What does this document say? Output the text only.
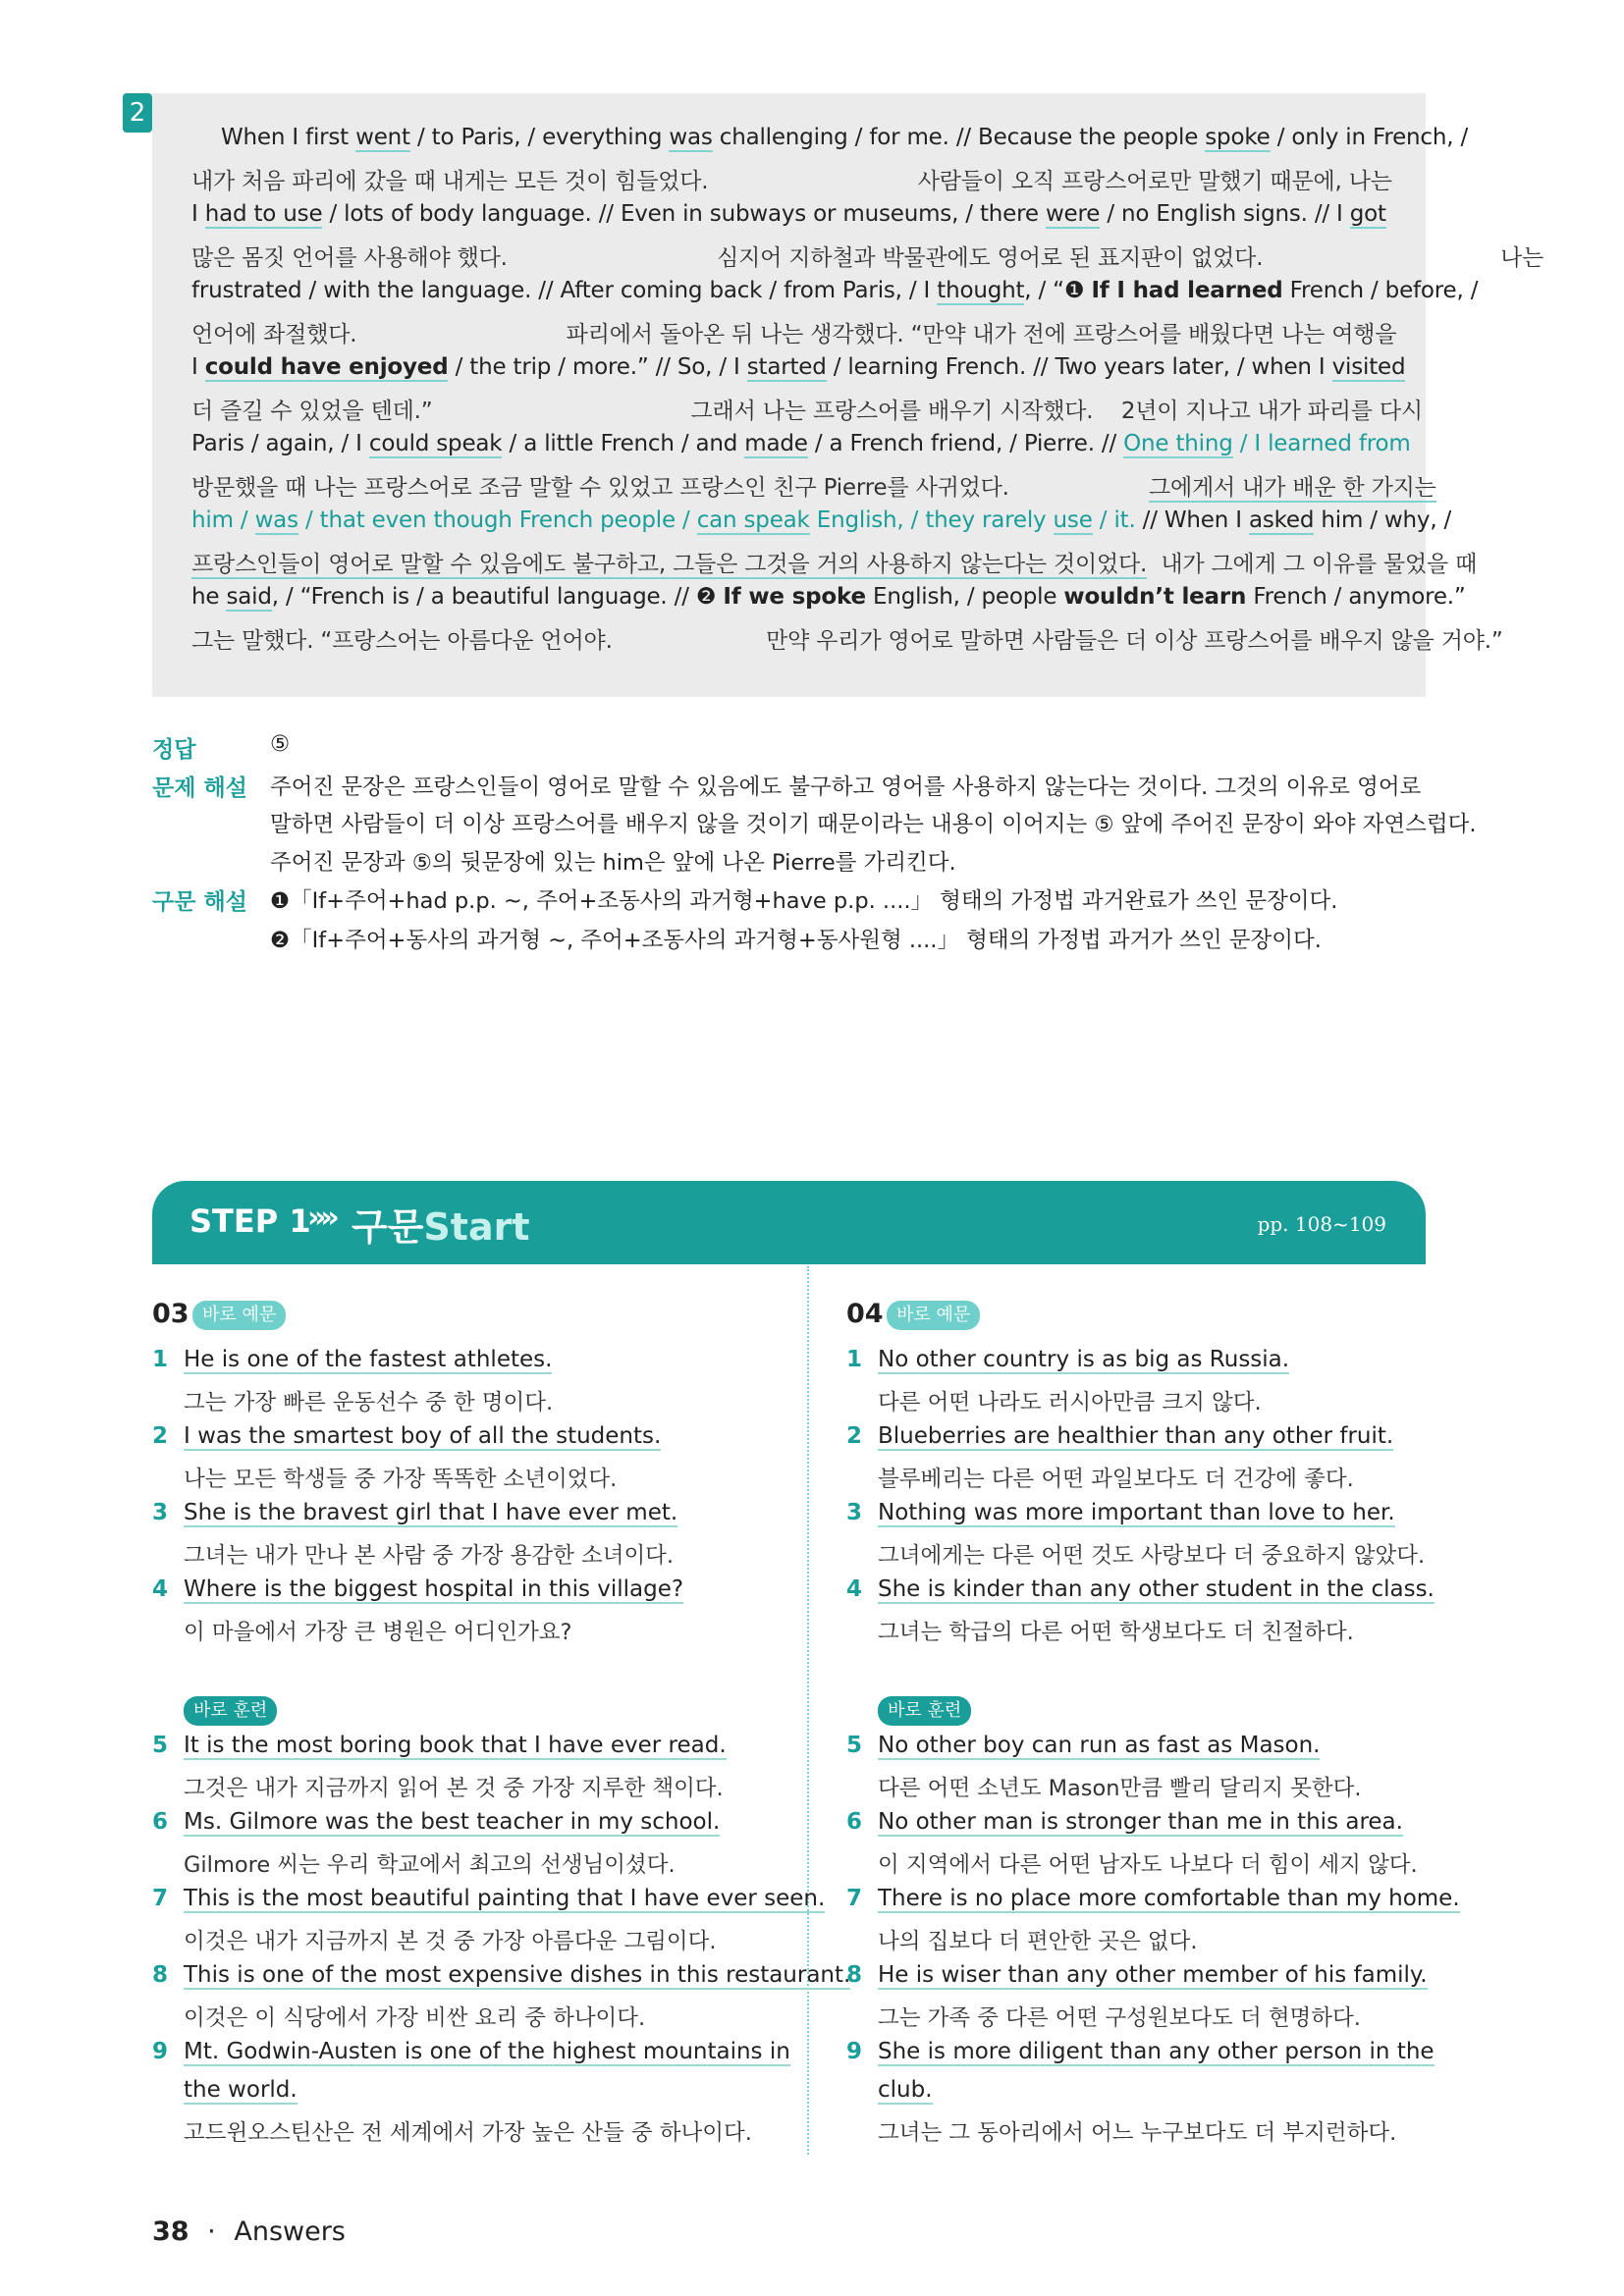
2
When I first went / to Paris, / everything was challenging / for me. // Because the people spoke / only in French, /
내가 처음 파리에 갔을 때 내게는 모든 것이 힘들었다.                              사람들이 오직 프랑스어로만 말했기 때문에, 나는
I had to use / lots of body language. // Even in subways or museums, / there were / no English signs. // I got
많은 몸짓 언어를 사용해야 했다.                              심지어 지하철과 박물관에도 영어로 된 표지판이 없었다.                                  나는
frustrated / with the language. // After coming back / from Paris, / I thought, / “❶ If I had learned French / before, /
언어에 좌절했다.                              파리에서 돌아온 뒤 나는 생각했다. “만약 내가 전에 프랑스어를 배웠다면 나는 여행을
I could have enjoyed / the trip / more.” // So, / I started / learning French. // Two years later, / when I visited
더 즐길 수 있었을 텐데.”                                     그래서 나는 프랑스어를 배우기 시작했다.    2년이 지나고 내가 파리를 다시
Paris / again, / I could speak / a little French / and made / a French friend, / Pierre. // One thing / I learned from
방문했을 때 나는 프랑스어로 조금 말할 수 있었고 프랑스인 친구 Pierre를 사귀었다.                    그에게서 내가 배운 한 가지는
him / was / that even though French people / can speak English, / they rarely use / it. // When I asked him / why, /
프랑스인들이 영어로 말할 수 있음에도 불구하고, 그들은 그것을 거의 사용하지 않는다는 것이었다.  내가 그에게 그 이유를 물었을 때
he said, / “French is / a beautiful language. // ❷ If we spoke English, / people wouldn’t learn French / anymore.”
그는 말했다. “프랑스어는 아름다운 언어야.                      만약 우리가 영어로 말하면 사람들은 더 이상 프랑스어를 배우지 않을 거야.”
정답	⑤
문제 해설 주어진 문장은 프랑스인들이 영어로 말할 수 있음에도 불구하고 영어를 사용하지 않는다는 것이다. 그것의 이유로 영어로
말하면 사람들이 더 이상 프랑스어를 배우지 않을 것이기 때문이라는 내용이 이어지는 ⑤ 앞에 주어진 문장이 와야 자연스럽다.
주어진 문장과 ⑤의 뒷문장에 있는 him은 앞에 나온 Pierre를 가리킨다.
구문 해설 ❶「If+주어+had p.p. ~, 주어+조동사의 과거형+have p.p. ....」 형태의 가정법 과거완료가 쓰인 문장이다.
❷「If+주어+동사의 과거형 ~, 주어+조동사의 과거형+동사원형 ....」 형태의 가정법 과거가 쓰인 문장이다.
STEP 1
»» 구문Start	pp. 108~109
03 바로 예문
1 He is one of the fastest athletes.
그는 가장 빠른 운동선수 중 한 명이다.
2 I was the smartest boy of all the students.
나는 모든 학생들 중 가장 똑똑한 소년이었다.
3 She is the bravest girl that I have ever met.
그녀는 내가 만나 본 사람 중 가장 용감한 소녀이다.
4 Where is the biggest hospital in this village?
이 마을에서 가장 큰 병원은 어디인가요?
5 It is the most boring book that I have ever read.
그것은 내가 지금까지 읽어 본 것 중 가장 지루한 책이다.
6 Ms. Gilmore was the best teacher in my school.
Gilmore 씨는 우리 학교에서 최고의 선생님이셨다.
7 This is the most beautiful painting that I have ever seen.
이것은 내가 지금까지 본 것 중 가장 아름다운 그림이다.
8 This is one of the most expensive dishes in this restaurant.
이것은 이 식당에서 가장 비싼 요리 중 하나이다.
9 Mt. Godwin-Austen is one of the highest mountains in
the world.
고드윈오스틴산은 전 세계에서 가장 높은 산들 중 하나이다.
바로 훈련
04 바로 예문
1 No other country is as big as Russia.
다른 어떤 나라도 러시아만큼 크지 않다.
2 Blueberries are healthier than any other fruit.
블루베리는 다른 어떤 과일보다도 더 건강에 좋다.
3 Nothing was more important than love to her.
그녀에게는 다른 어떤 것도 사랑보다 더 중요하지 않았다.
4 She is kinder than any other student in the class.
그녀는 학급의 다른 어떤 학생보다도 더 친절하다.
5 No other boy can run as fast as Mason.
다른 어떤 소년도 Mason만큼 빨리 달리지 못한다.
6 No other man is stronger than me in this area.
이 지역에서 다른 어떤 남자도 나보다 더 힘이 세지 않다.
7 There is no place more comfortable than my home.
나의 집보다 더 편안한 곳은 없다.
8 He is wiser than any other member of his family.
그는 가족 중 다른 어떤 구성원보다도 더 현명하다.
9 She is more diligent than any other person in the
club.
그녀는 그 동아리에서 어느 누구보다도 더 부지런하다.
바로 훈련
38 · Answers
